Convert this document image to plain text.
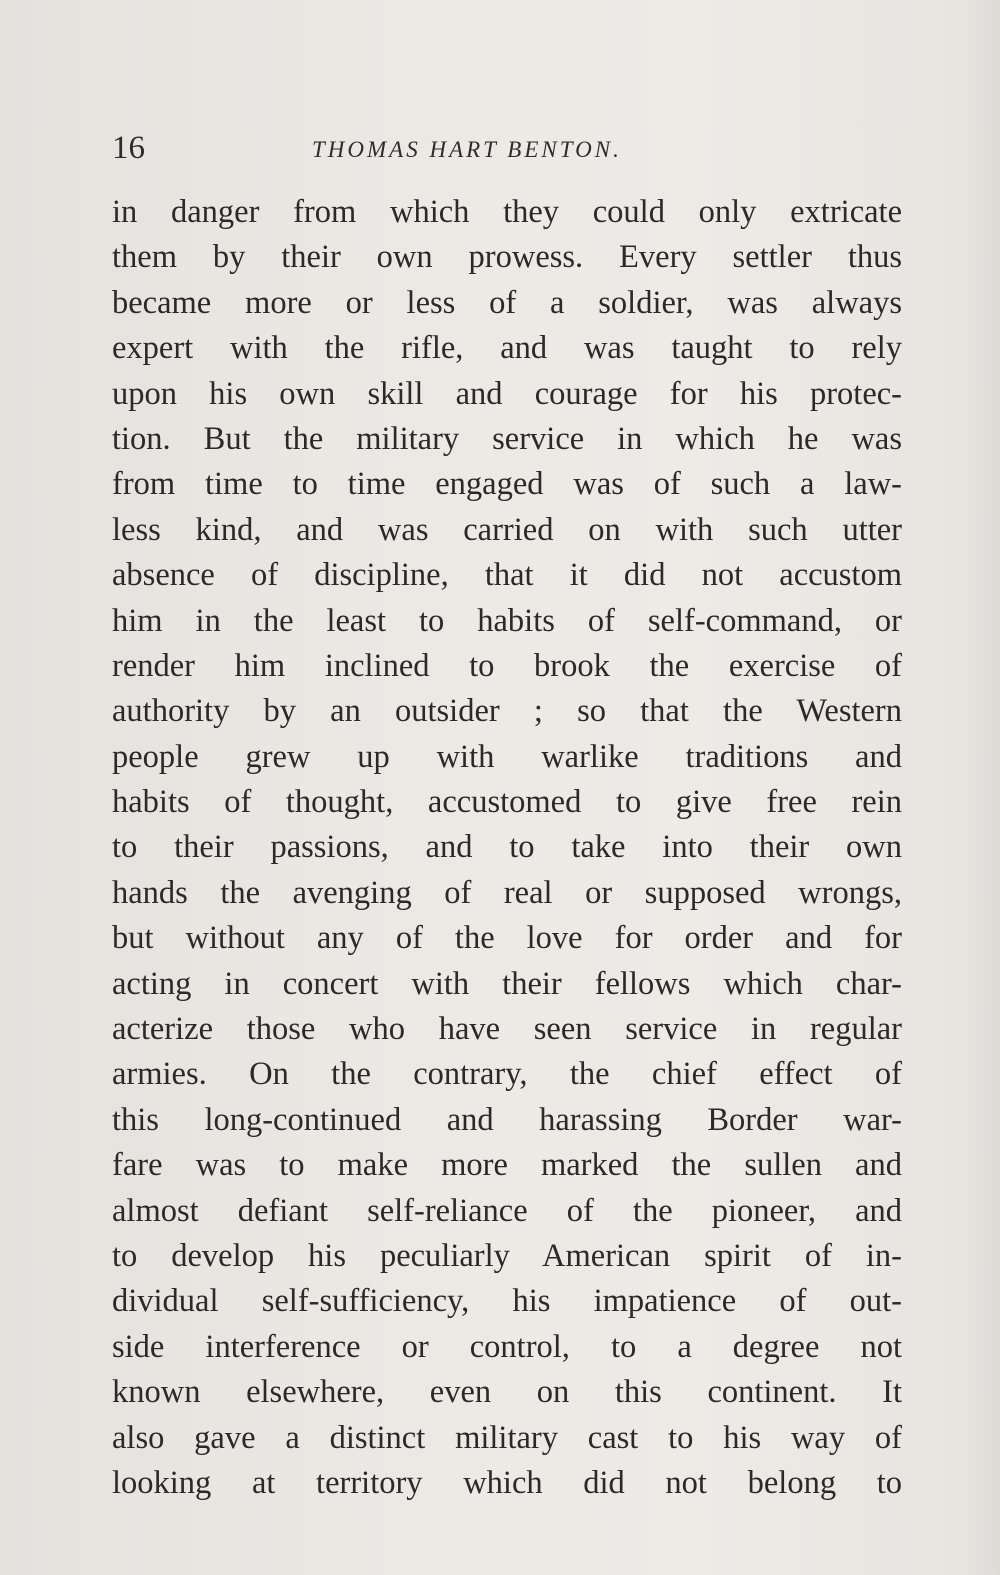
16	THOMAS HART BENTON.
in danger from which they could only extricate
them by their own prowess. Every settler thus
became more or less of a soldier, was always
expert with the rifle, and was taught to rely
upon his own skill and courage for his protec-
tion. But the military service in which he was
from time to time engaged was of such a law-
less kind, and was carried on with such utter
absence of discipline, that it did not accustom
him in the least to habits of self-command, or
render him inclined to brook the exercise of
authority by an outsider ; so that the Western
people grew up with warlike traditions and
habits of thought, accustomed to give free rein
to their passions, and to take into their own
hands the avenging of real or supposed wrongs,
but without any of the love for order and for
acting in concert with their fellows which char-
acterize those who have seen service in regular
armies. On the contrary, the chief effect of
this long-continued and harassing Border war-
fare was to make more marked the sullen and
almost defiant self-reliance of the pioneer, and
to develop his peculiarly American spirit of in-
dividual self-sufficiency, his impatience of out-
side interference or control, to a degree not
known elsewhere, even on this continent. It
also gave a distinct military cast to his way of
looking at territory which did not belong to
